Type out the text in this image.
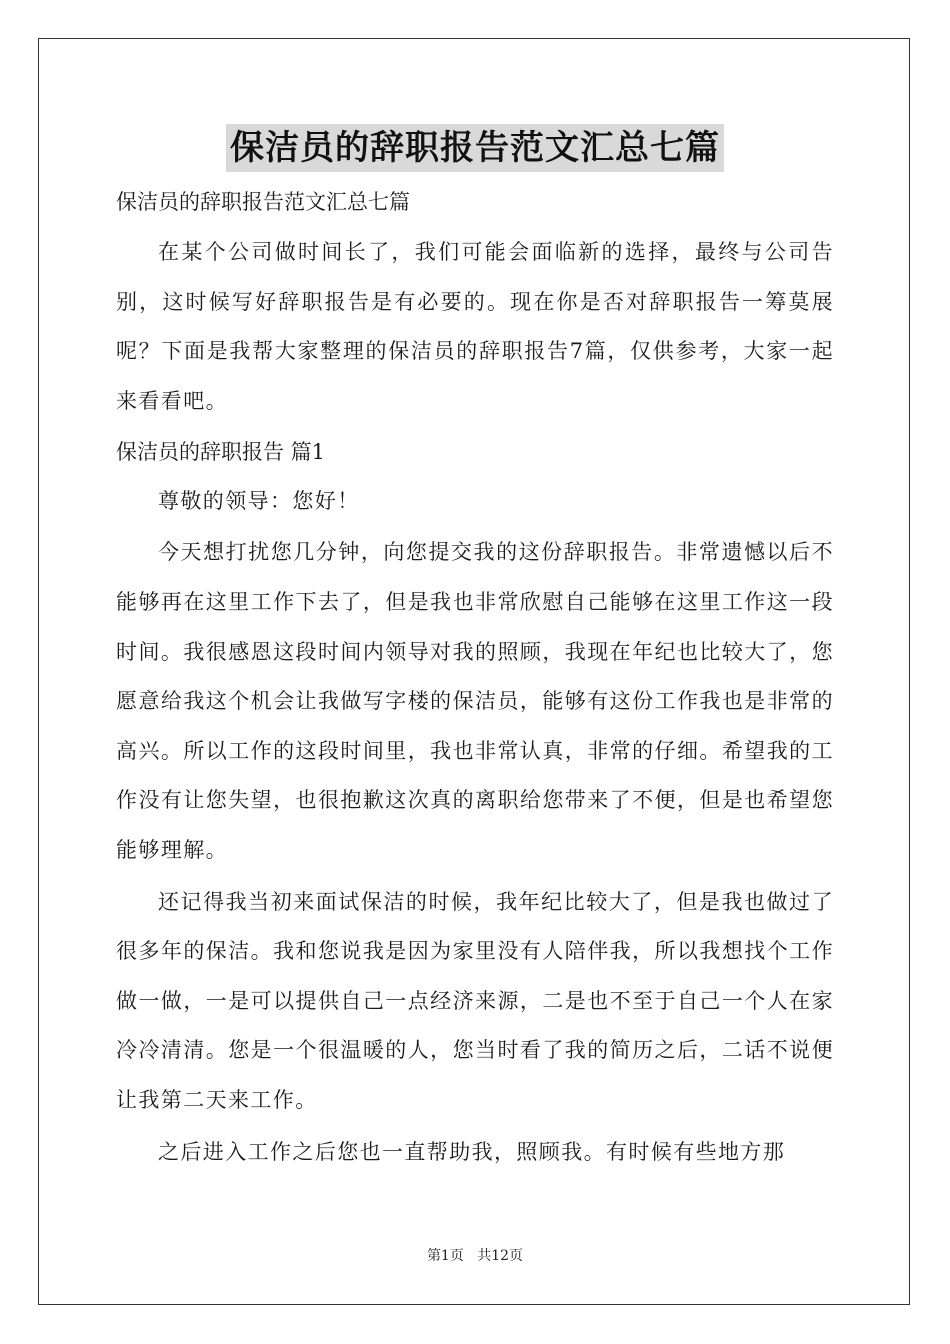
保洁员的辞职报告范文汇总七篇

保洁员的辞职报告范文汇总七篇

在某个公司做时间长了，我们可能会面临新的选择，最终与公司告别，这时候写好辞职报告是有必要的。现在你是否对辞职报告一筹莫展呢？下面是我帮大家整理的保洁员的辞职报告7篇，仅供参考，大家一起来看看吧。

保洁员的辞职报告 篇1

尊敬的领导：您好！

今天想打扰您几分钟，向您提交我的这份辞职报告。非常遗憾以后不能够再在这里工作下去了，但是我也非常欣慰自己能够在这里工作这一段时间。我很感恩这段时间内领导对我的照顾，我现在年纪也比较大了，您愿意给我这个机会让我做写字楼的保洁员，能够有这份工作我也是非常的高兴。所以工作的这段时间里，我也非常认真，非常的仔细。希望我的工作没有让您失望，也很抱歉这次真的离职给您带来了不便，但是也希望您能够理解。

还记得我当初来面试保洁的时候，我年纪比较大了，但是我也做过了很多年的保洁。我和您说我是因为家里没有人陪伴我，所以我想找个工作做一做，一是可以提供自己一点经济来源，二是也不至于自己一个人在家冷冷清清。您是一个很温暖的人，您当时看了我的简历之后，二话不说便让我第二天来工作。

之后进入工作之后您也一直帮助我，照顾我。有时候有些地方那

第1页 共12页
